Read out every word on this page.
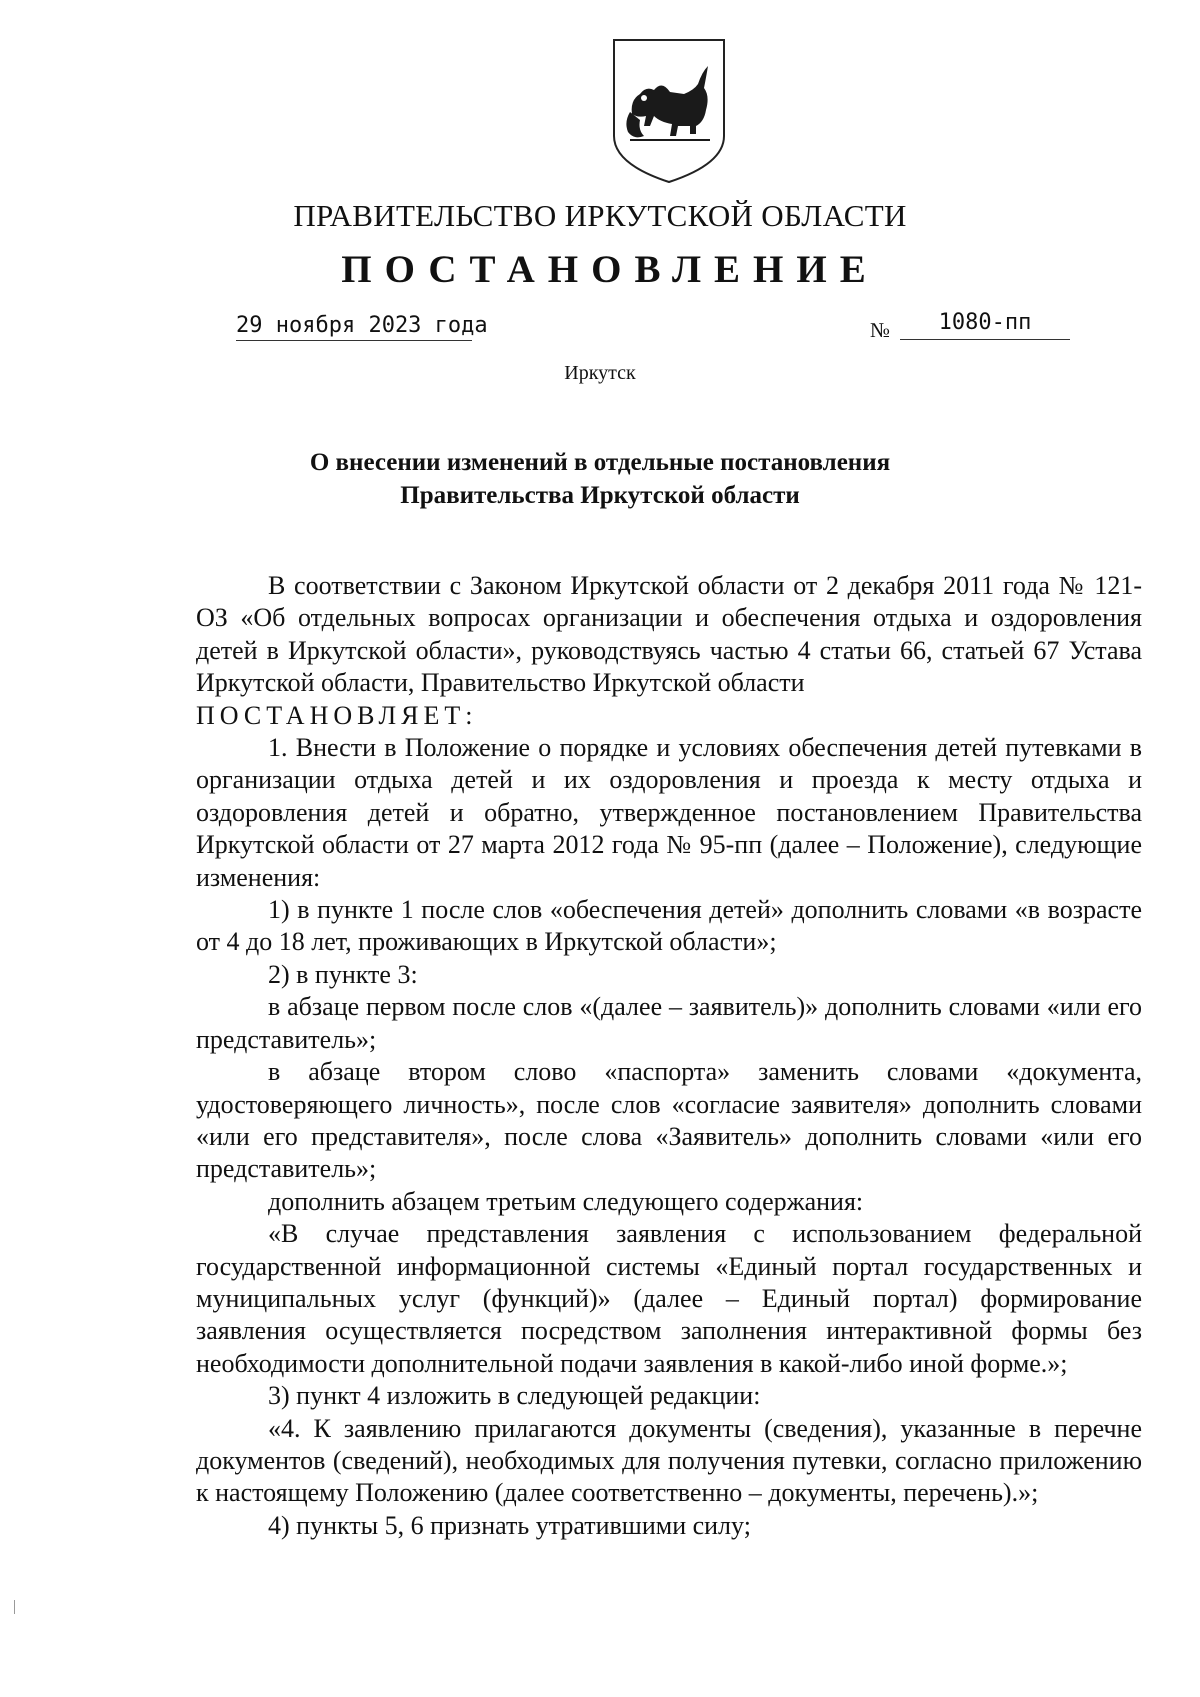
ПРАВИТЕЛЬСТВО ИРКУТСКОЙ ОБЛАСТИ
ПОСТАНОВЛЕНИЕ
29 ноября 2023 года	№	1080-пп
Иркутск
О внесении изменений в отдельные постановления
Правительства Иркутской области

В соответствии с Законом Иркутской области от 2 декабря 2011 года № 121-ОЗ «Об отдельных вопросах организации и обеспечения отдыха и оздоровления детей в Иркутской области», руководствуясь частью 4 статьи 66, статьей 67 Устава Иркутской области, Правительство Иркутской области

ПОСТАНОВЛЯЕТ:

1. Внести в Положение о порядке и условиях обеспечения детей путевками в организации отдыха детей и их оздоровления и проезда к месту отдыха и оздоровления детей и обратно, утвержденное постановлением Правительства Иркутской области от 27 марта 2012 года № 95-пп (далее – Положение), следующие изменения:

1) в пункте 1 после слов «обеспечения детей» дополнить словами «в возрасте от 4 до 18 лет, проживающих в Иркутской области»;

2) в пункте 3:

в абзаце первом после слов «(далее – заявитель)» дополнить словами «или его представитель»;

в абзаце втором слово «паспорта» заменить словами «документа, удостоверяющего личность», после слов «согласие заявителя» дополнить словами «или его представителя», после слова «Заявитель» дополнить словами «или его представитель»;

дополнить абзацем третьим следующего содержания:

«В случае представления заявления с использованием федеральной государственной информационной системы «Единый портал государственных и муниципальных услуг (функций)» (далее – Единый портал) формирование заявления осуществляется посредством заполнения интерактивной формы без необходимости дополнительной подачи заявления в какой-либо иной форме.»;

3) пункт 4 изложить в следующей редакции:

«4. К заявлению прилагаются документы (сведения), указанные в перечне документов (сведений), необходимых для получения путевки, согласно приложению к настоящему Положению (далее соответственно – документы, перечень).»;

4) пункты 5, 6 признать утратившими силу;
